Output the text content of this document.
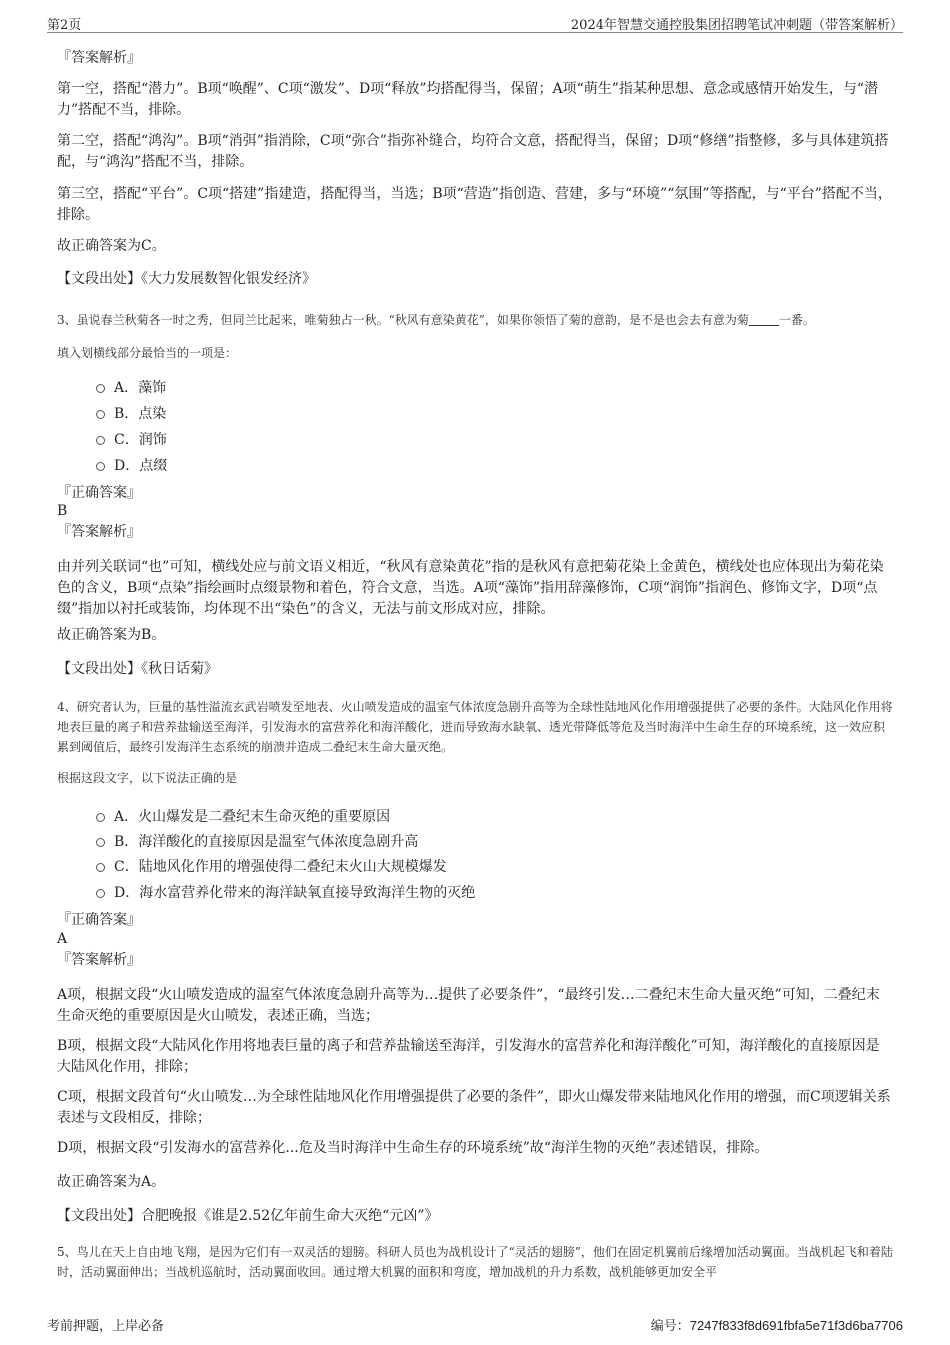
第2页	2024年智慧交通控股集团招聘笔试冲刺题（带答案解析）

『答案解析』

第一空，搭配“潜力”。B项“唤醒”、C项“激发”、D项“释放”均搭配得当，保留；A项“萌生”指某种思想、意念或感情开始发生，与“潜力”搭配不当，排除。

第二空，搭配“鸿沟”。B项“消弭”指消除，C项“弥合”指弥补缝合，均符合文意，搭配得当，保留；D项“修缮”指整修，多与具体建筑搭配，与“鸿沟”搭配不当，排除。

第三空，搭配“平台”。C项“搭建”指建造，搭配得当，当选；B项“营造”指创造、营建，多与“环境”“氛围”等搭配，与“平台”搭配不当，排除。

故正确答案为C。

【文段出处】《大力发展数智化银发经济》

3、虽说春兰秋菊各一时之秀，但同兰比起来，唯菊独占一秋。“秋风有意染黄花”，如果你领悟了菊的意韵，是不是也会去有意为菊	一番。

填入划横线部分最恰当的一项是：

A．藻饰
B．点染
C．润饰
D．点缀

『正确答案』

B

『答案解析』

由并列关联词“也”可知，横线处应与前文语义相近，“秋风有意染黄花”指的是秋风有意把菊花染上金黄色，横线处也应体现出为菊花染色的含义，B项“点染”指绘画时点缀景物和着色，符合文意，当选。A项“藻饰”指用辞藻修饰，C项“润饰”指润色、修饰文字，D项“点缀”指加以衬托或装饰，均体现不出“染色”的含义，无法与前文形成对应，排除。

故正确答案为B。

【文段出处】《秋日话菊》

4、研究者认为，巨量的基性溢流玄武岩喷发至地表、火山喷发造成的温室气体浓度急剧升高等为全球性陆地风化作用增强提供了必要的条件。大陆风化作用将地表巨量的离子和营养盐输送至海洋，引发海水的富营养化和海洋酸化，进而导致海水缺氧、透光带降低等危及当时海洋中生命生存的环境系统，这一效应积累到阈值后，最终引发海洋生态系统的崩溃并造成二叠纪末生命大量灭绝。

根据这段文字，以下说法正确的是

A．火山爆发是二叠纪末生命灭绝的重要原因
B．海洋酸化的直接原因是温室气体浓度急剧升高
C．陆地风化作用的增强使得二叠纪末火山大规模爆发
D．海水富营养化带来的海洋缺氧直接导致海洋生物的灭绝

『正确答案』

A

『答案解析』

A项，根据文段“火山喷发造成的温室气体浓度急剧升高等为…提供了必要条件”，“最终引发…二叠纪末生命大量灭绝”可知，二叠纪末生命灭绝的重要原因是火山喷发，表述正确，当选；

B项，根据文段“大陆风化作用将地表巨量的离子和营养盐输送至海洋，引发海水的富营养化和海洋酸化”可知，海洋酸化的直接原因是大陆风化作用，排除；

C项，根据文段首句“火山喷发…为全球性陆地风化作用增强提供了必要的条件”，即火山爆发带来陆地风化作用的增强，而C项逻辑关系表述与文段相反，排除；

D项，根据文段“引发海水的富营养化...危及当时海洋中生命生存的环境系统”故“海洋生物的灭绝”表述错误，排除。

故正确答案为A。

【文段出处】合肥晚报《谁是2.52亿年前生命大灭绝“元凶”》

5、鸟儿在天上自由地飞翔，是因为它们有一双灵活的翅膀。科研人员也为战机设计了“灵活的翅膀”，他们在固定机翼前后缘增加活动翼面。当战机起飞和着陆时，活动翼面伸出；当战机巡航时，活动翼面收回。通过增大机翼的面积和弯度，增加战机的升力系数，战机能够更加安全平

考前押题，上岸必备	编号：7247f833f8d691fbfa5e71f3d6ba7706
